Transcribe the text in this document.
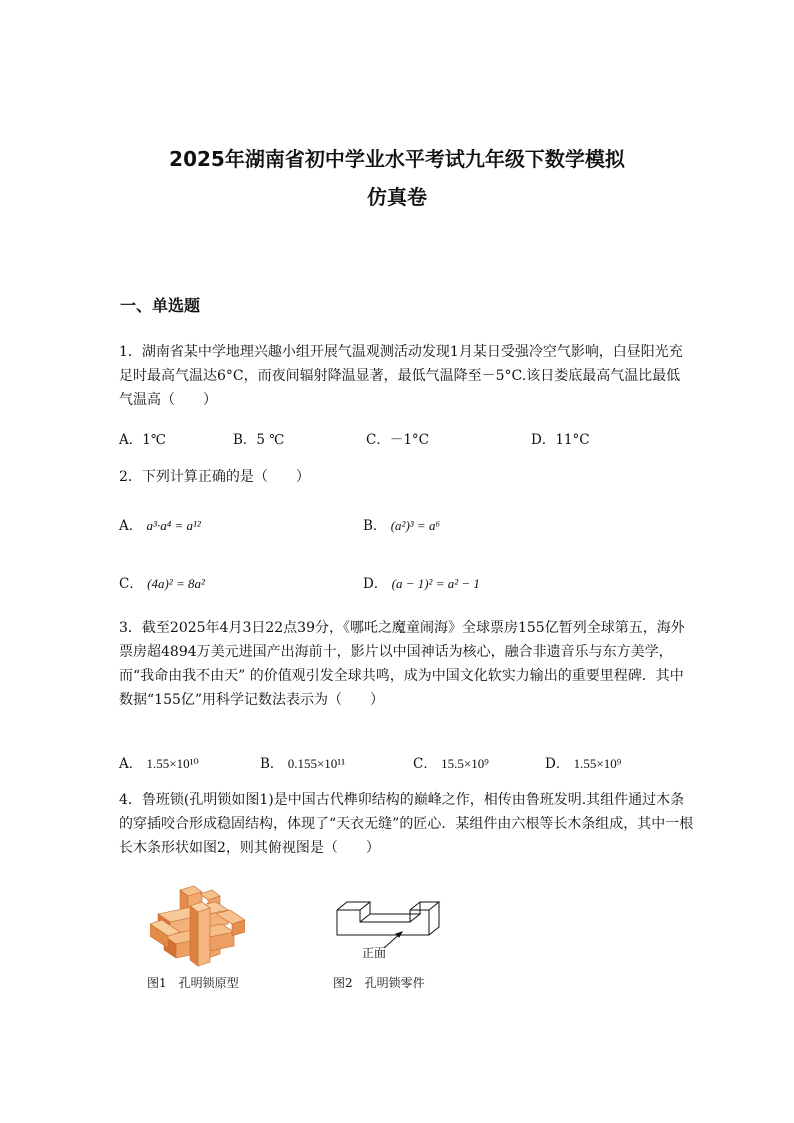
2025年湖南省初中学业水平考试九年级下数学模拟
仿真卷
一、单选题
1．湖南省某中学地理兴趣小组开展气温观测活动发现1月某日受强冷空气影响，白昼阳光充足时最高气温达6°C，而夜间辐射降温显著，最低气温降至－5°C.该日娄底最高气温比最低气温高（　　）
A．1℃	B．5 ℃	C．－1°C	D．11°C
2．下列计算正确的是（　　）
A． a³·a⁴ = a¹²	B． (a²)³ = a⁶
C． (4a)² = 8a²	D． (a − 1)² = a² − 1
3．截至2025年4月3日22点39分，《哪吒之魔童闹海》全球票房155亿暂列全球第五，海外票房超4894万美元进国产出海前十，影片以中国神话为核心，融合非遗音乐与东方美学，而“我命由我不由天” 的价值观引发全球共鸣，成为中国文化软实力输出的重要里程碑．其中数据“155亿”用科学记数法表示为（　　）
A． 1.55×10¹⁰	B． 0.155×10¹¹	C． 15.5×10⁹	D． 1.55×10⁹
4．鲁班锁(孔明锁如图1)是中国古代榫卯结构的巅峰之作，相传由鲁班发明.其组件通过木条的穿插咬合形成稳固结构，体现了“天衣无缝”的匠心．某组件由六根等长木条组成，其中一根长木条形状如图2，则其俯视图是（　　）
正面
图1　孔明锁原型	图2　孔明锁零件
